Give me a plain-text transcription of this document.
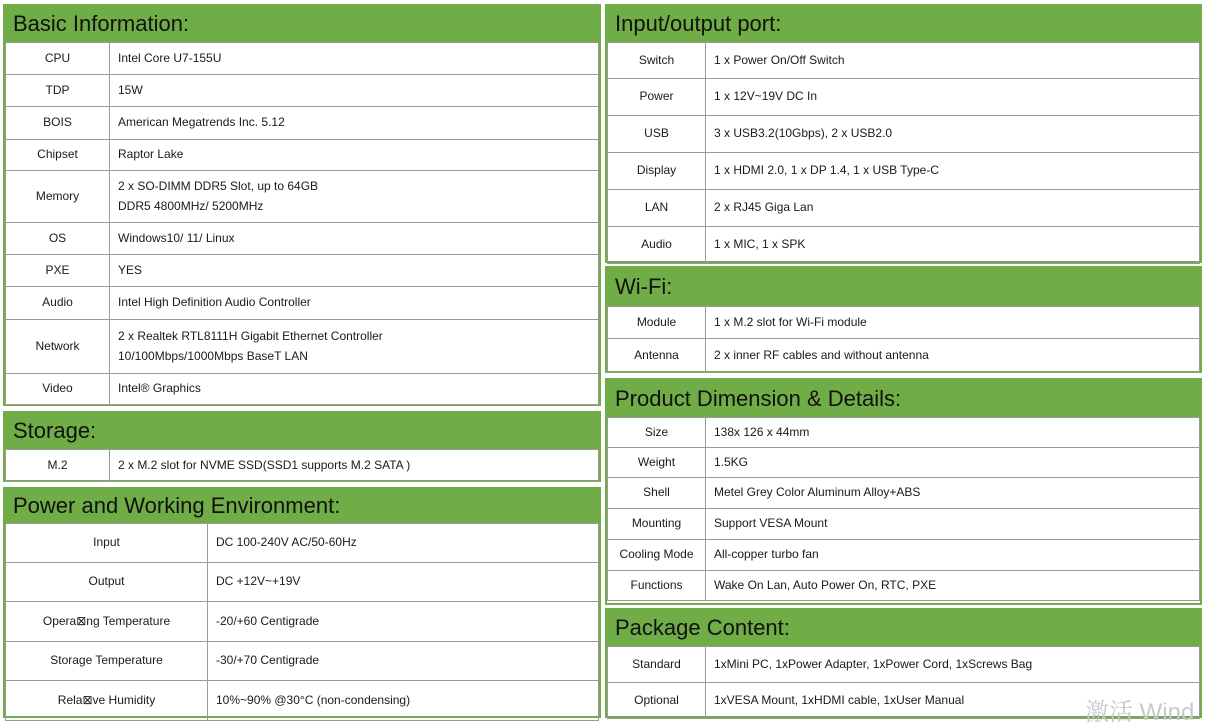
Basic Information:
CPU	Intel Core U7-155U

TDP	15W

BOIS	American Megatrends Inc. 5.12

Chipset	Raptor Lake

Memory	2 x SO-DIMM DDR5 Slot, up to 64GB
DDR5 4800MHz/ 5200MHz

OS	Windows10/ 11/ Linux

PXE	YES

Audio	Intel High Definition Audio Controller

Network	2 x Realtek RTL8111H Gigabit Ethernet Controller
10/100Mbps/1000Mbps BaseT LAN

Video	Intel® Graphics
Storage:
M.2	2 x M.2 slot for NVME SSD(SSD1 supports M.2 SATA )
Power and Working Environment:
Input	DC 100-240V AC/50-60Hz

Output	DC +12V~+19V

Opera⊠ng Temperature	-20/+60 Centigrade

Storage Temperature	-30/+70 Centigrade

Rela⊠ve Humidity	10%~90% @30°C (non-condensing)
Input/output port:
Switch	1 x Power On/Off Switch

Power	1 x 12V~19V DC In

USB	3 x USB3.2(10Gbps), 2 x USB2.0

Display	1 x HDMI 2.0, 1 x DP 1.4, 1 x USB Type-C

LAN	2 x RJ45 Giga Lan

Audio	1 x MIC, 1 x SPK
Wi-Fi:
Module	1 x M.2 slot for Wi-Fi module

Antenna	2 x inner RF cables and without antenna
Product Dimension & Details:
Size	138x 126 x 44mm

Weight	1.5KG

Shell	Metel Grey Color Aluminum Alloy+ABS

Mounting	Support VESA Mount

Cooling Mode	All-copper turbo fan

Functions	Wake On Lan, Auto Power On, RTC, PXE
Package Content:
Standard	1xMini PC, 1xPower Adapter, 1xPower Cord, 1xScrews Bag

Optional	1xVESA Mount, 1xHDMI cable, 1xUser Manual	激活 Wind
